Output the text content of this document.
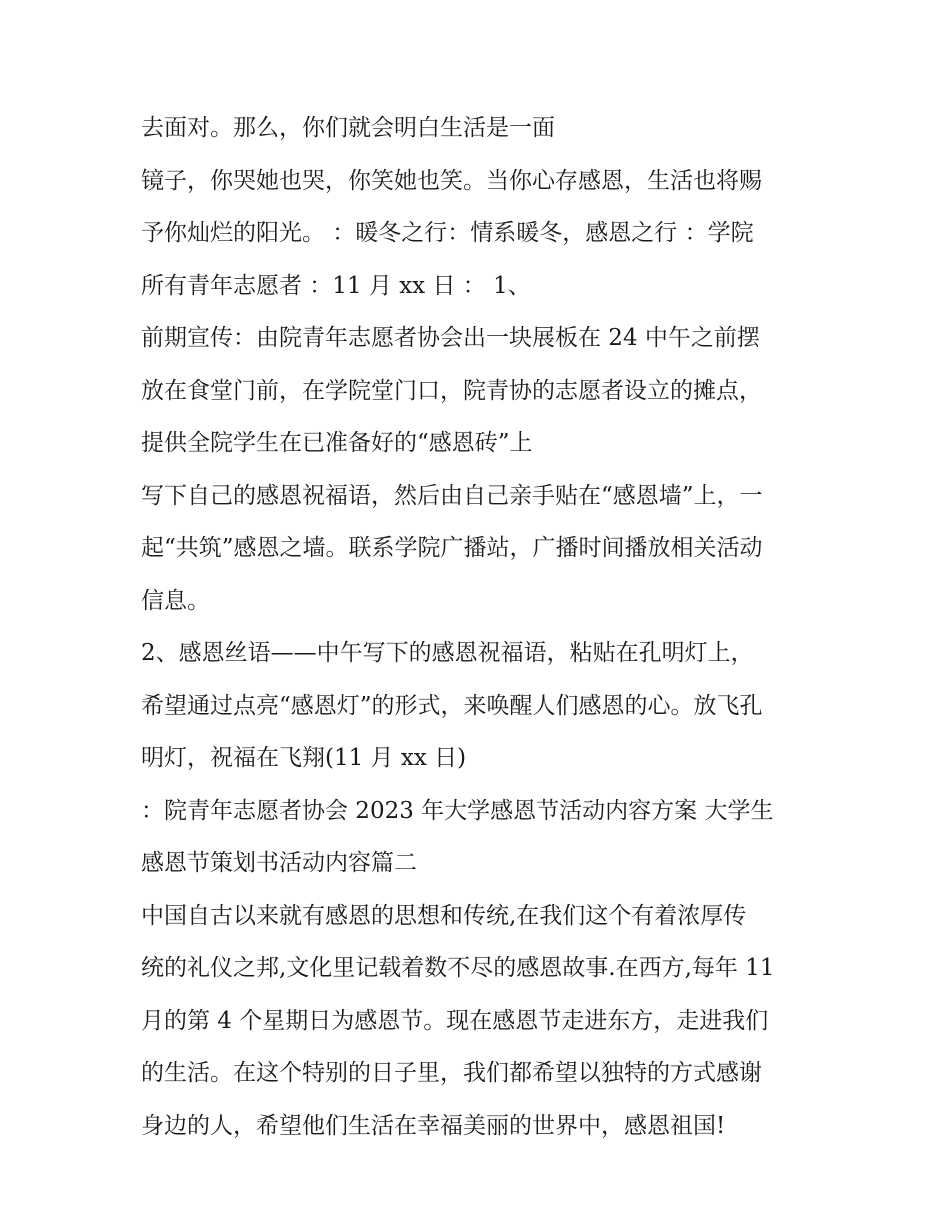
去面对。那么，你们就会明白生活是一面
镜子，你哭她也哭，你笑她也笑。当你心存感恩，生活也将赐
予你灿烂的阳光。 ：暖冬之行：情系暖冬，感恩之行 ：学院
所有青年志愿者 ：11 月 xx 日 ： 1、
前期宣传：由院青年志愿者协会出一块展板在 24 中午之前摆
放在食堂门前，在学院堂门口，院青协的志愿者设立的摊点，
提供全院学生在已准备好的“感恩砖”上
写下自己的感恩祝福语，然后由自己亲手贴在“感恩墙”上，一
起“共筑”感恩之墙。联系学院广播站，广播时间播放相关活动
信息。
2、感恩丝语——中午写下的感恩祝福语，粘贴在孔明灯上，
希望通过点亮“感恩灯”的形式，来唤醒人们感恩的心。放飞孔
明灯，祝福在飞翔(11 月 xx 日)
：院青年志愿者协会 2023 年大学感恩节活动内容方案 大学生
感恩节策划书活动内容篇二
中国自古以来就有感恩的思想和传统,在我们这个有着浓厚传
统的礼仪之邦,文化里记载着数不尽的感恩故事.在西方,每年 11
月的第 4 个星期日为感恩节。现在感恩节走进东方，走进我们
的生活。在这个特别的日子里，我们都希望以独特的方式感谢
身边的人，希望他们生活在幸福美丽的世界中，感恩祖国!
